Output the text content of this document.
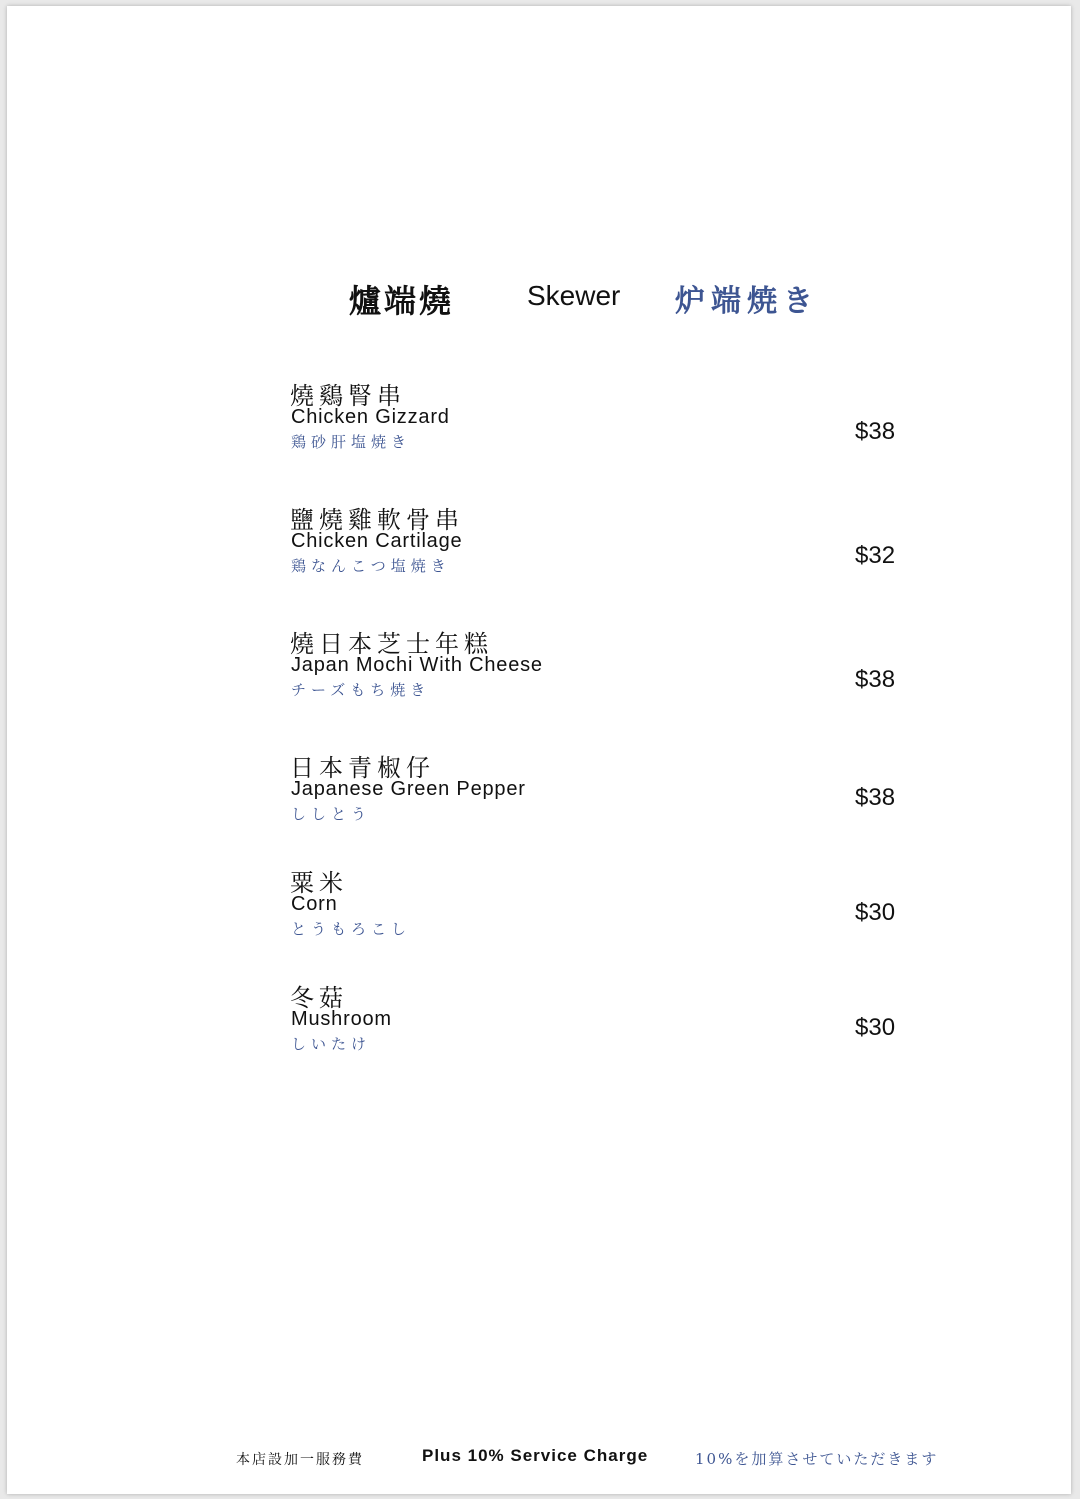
爐端燒	Skewer 炉端焼き
燒鷄腎串
Chicken Gizzard
鶏砂肝塩焼き	$38
鹽燒雞軟骨串
Chicken Cartilage
鶏なんこつ塩焼き	$32
燒日本芝士年糕
Japan Mochi With Cheese
チーズもち焼き	$38
日本青椒仔
Japanese Green Pepper
ししとう
$38
粟米
Corn
とうもろこし
$30
冬菇
Mushroom
しいたけ
$30
本店設加一服務費	Plus 10% Service Charge	10%を加算させていただきます
